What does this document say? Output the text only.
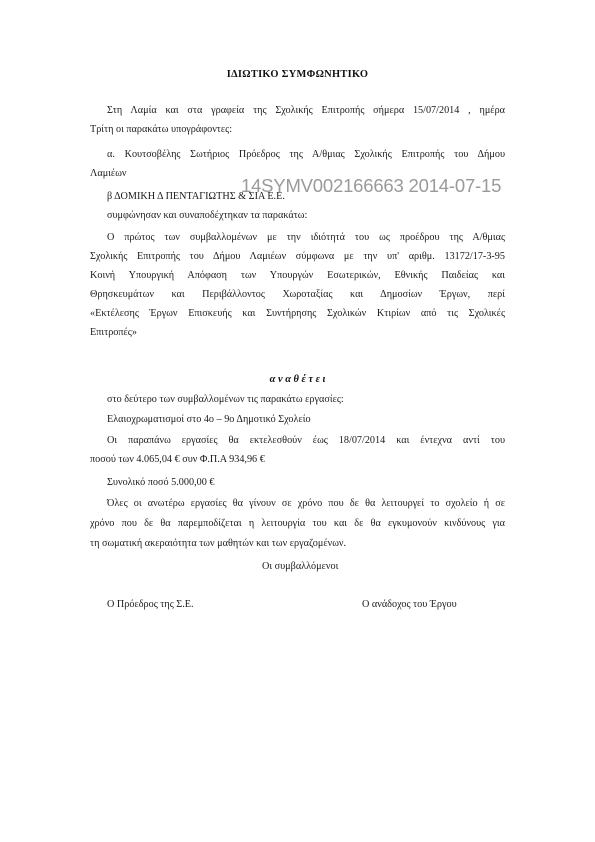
ΙΔΙΩΤΙΚΟ ΣΥΜΦΩΝΗΤΙΚΟ
Στη Λαμία και στα γραφεία της Σχολικής Επιτροπής σήμερα 15/07/2014 , ημέρα
Τρίτη οι παρακάτω υπογράφοντες:
α. Κουτσοβέλης Σωτήριος Πρόεδρος της Α/θμιας Σχολικής Επιτροπής του Δήμου
Λαμιέων
β ΔΟΜΙΚΗ Δ ΠΕΝΤΑΓΙΩΤΗΣ & ΣΙΑ Ε.Ε.
14SYMV002166663 2014-07-15
συμφώνησαν και συναποδέχτηκαν τα παρακάτω:
Ο πρώτος των συμβαλλομένων με την ιδιότητά του ως προέδρου της Α/θμιας
Σχολικής Επιτροπής του Δήμου Λαμιέων σύμφωνα με την υπ' αριθμ. 13172/17-3-95
Κοινή Υπουργική Απόφαση των Υπουργών Εσωτερικών, Εθνικής Παιδείας και
Θρησκευμάτων και Περιβάλλοντος Χωροταξίας και Δημοσίων Έργων, περί
«Εκτέλεσης Έργων Επισκευής και Συντήρησης Σχολικών Κτιρίων από τις Σχολικές
Επιτροπές»
α ν α θ έ τ ε ι
στο δεύτερο των συμβαλλομένων τις παρακάτω εργασίες:
Ελαιοχρωματισμοί στο 4ο – 9ο Δημοτικό Σχολείο
Οι παραπάνω εργασίες θα εκτελεσθούν έως 18/07/2014 και έντεχνα αντί του
ποσού των 4.065,04 € συν Φ.Π.Α 934,96 €
Συνολικό ποσό 5.000,00 €
Όλες οι ανωτέρω εργασίες θα γίνουν σε χρόνο που δε θα λειτουργεί το σχολείο ή σε
χρόνο που δε θα παρεμποδίζεται η λειτουργία του και δε θα εγκυμονούν κινδύνους για
τη σωματική ακεραιότητα των μαθητών και των εργαζομένων.
Οι συμβαλλόμενοι
Ο Πρόεδρος της Σ.Ε.	Ο ανάδοχος του Έργου
